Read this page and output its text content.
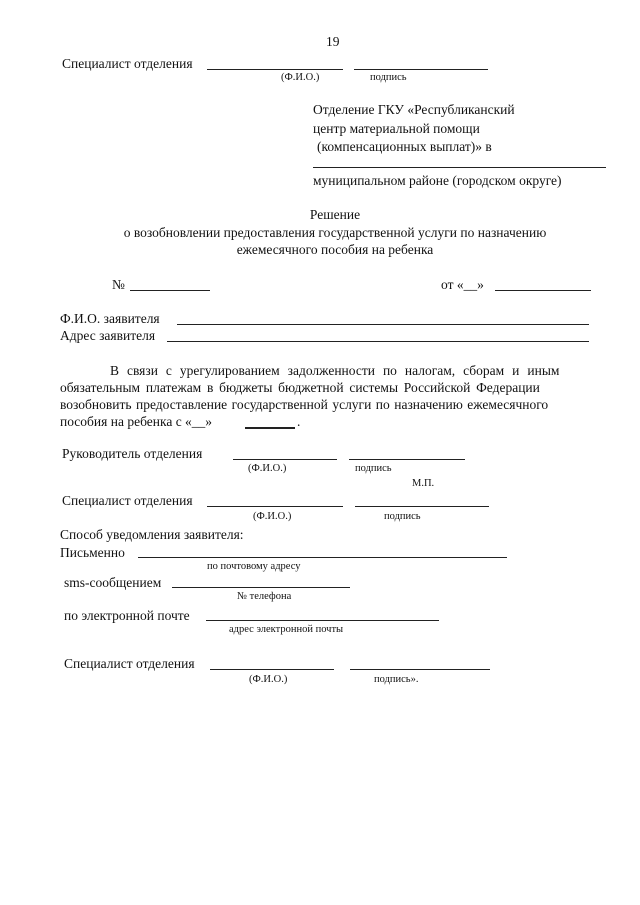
19
Специалист отделения
(Ф.И.О.)	подпись
Отделение ГКУ «Республиканский
центр материальной помощи
(компенсационных выплат)» в
муниципальном районе (городском округе)
Решение
о возобновлении предоставления государственной услуги по назначению
ежемесячного пособия на ребенка
№	от «__»
Ф.И.О. заявителя
Адрес заявителя
В связи с урегулированием задолженности по налогам, сборам и иным
обязательным платежам в бюджеты бюджетной системы Российской Федерации
возобновить предоставление государственной услуги по назначению ежемесячного
пособия на ребенка с «__»	.
Руководитель отделения
(Ф.И.О.)	подпись
М.П.
Специалист отделения
(Ф.И.О.)	подпись
Способ уведомления заявителя:
Письменно
по почтовому адресу
sms-сообщением
№ телефона
по электронной почте
адрес электронной почты
Специалист отделения
(Ф.И.О.)	подпись».
